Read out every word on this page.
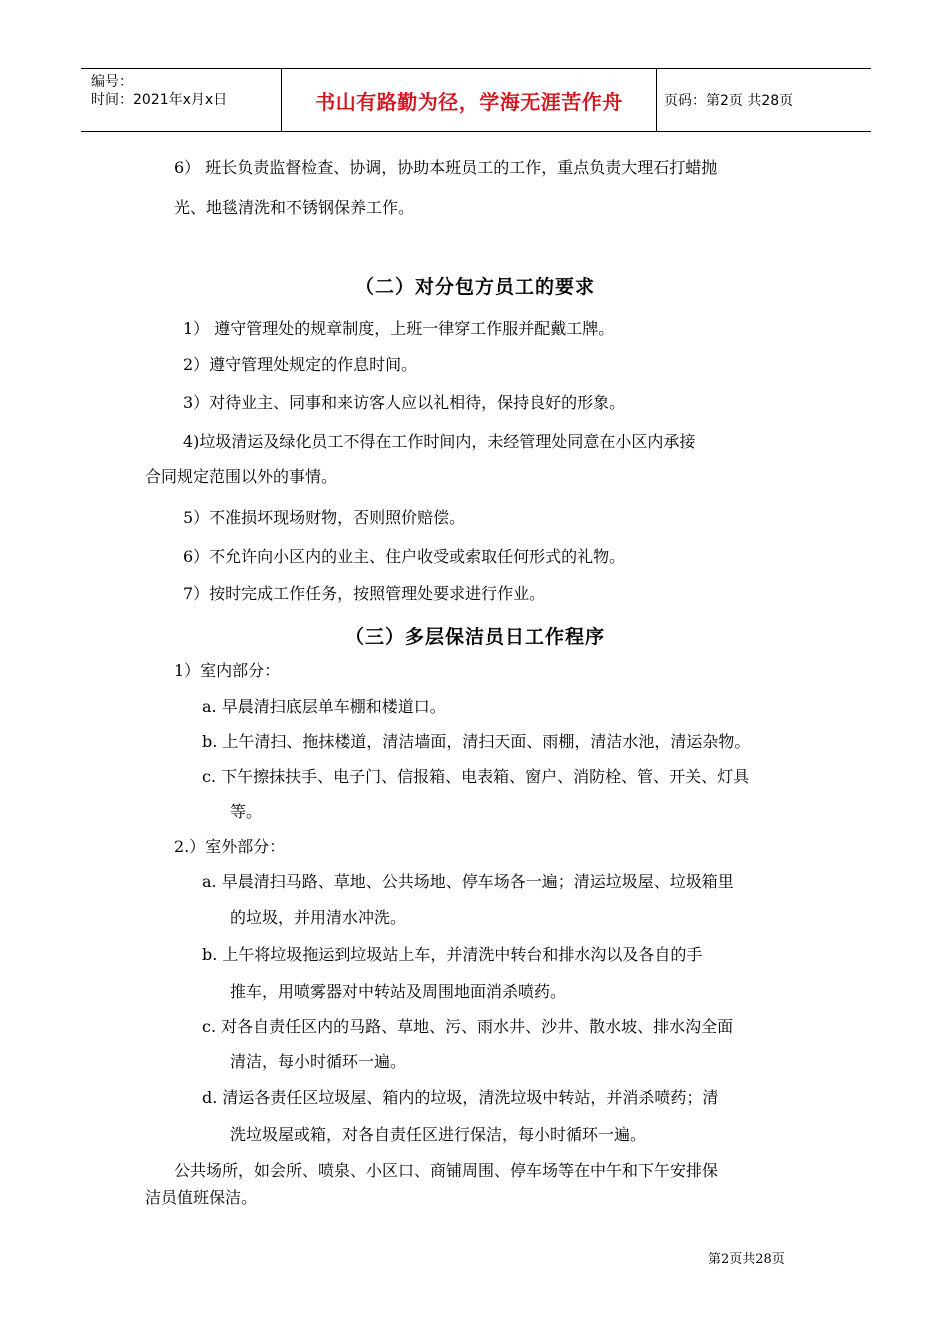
编号：
时间：2021年x月x日	书山有路勤为径，学海无涯苦作舟	页码：第2页 共28页
6） 班长负责监督检查、协调，协助本班员工的工作，重点负责大理石打蜡抛
光、地毯清洗和不锈钢保养工作。
（二）对分包方员工的要求
1） 遵守管理处的规章制度，上班一律穿工作服并配戴工牌。
2）遵守管理处规定的作息时间。
3）对待业主、同事和来访客人应以礼相待，保持良好的形象。
4)垃圾清运及绿化员工不得在工作时间内，未经管理处同意在小区内承接
合同规定范围以外的事情。
5）不准损坏现场财物，否则照价赔偿。
6）不允许向小区内的业主、住户收受或索取任何形式的礼物。
7）按时完成工作任务，按照管理处要求进行作业。
（三）多层保洁员日工作程序
1）室内部分：
a. 早晨清扫底层单车棚和楼道口。
b. 上午清扫、拖抹楼道，清洁墙面，清扫天面、雨棚，清洁水池，清运杂物。
c. 下午擦抹扶手、电子门、信报箱、电表箱、窗户、消防栓、管、开关、灯具
等。
2.）室外部分：
a. 早晨清扫马路、草地、公共场地、停车场各一遍；清运垃圾屋、垃圾箱里
的垃圾，并用清水冲洗。
b. 上午将垃圾拖运到垃圾站上车，并清洗中转台和排水沟以及各自的手
推车，用喷雾器对中转站及周围地面消杀喷药。
c. 对各自责任区内的马路、草地、污、雨水井、沙井、散水坡、排水沟全面
清洁，每小时循环一遍。
d. 清运各责任区垃圾屋、箱内的垃圾，清洗垃圾中转站，并消杀喷药；清
洗垃圾屋或箱，对各自责任区进行保洁，每小时循环一遍。
公共场所，如会所、喷泉、小区口、商铺周围、停车场等在中午和下午安排保
洁员值班保洁。
第2页共28页
